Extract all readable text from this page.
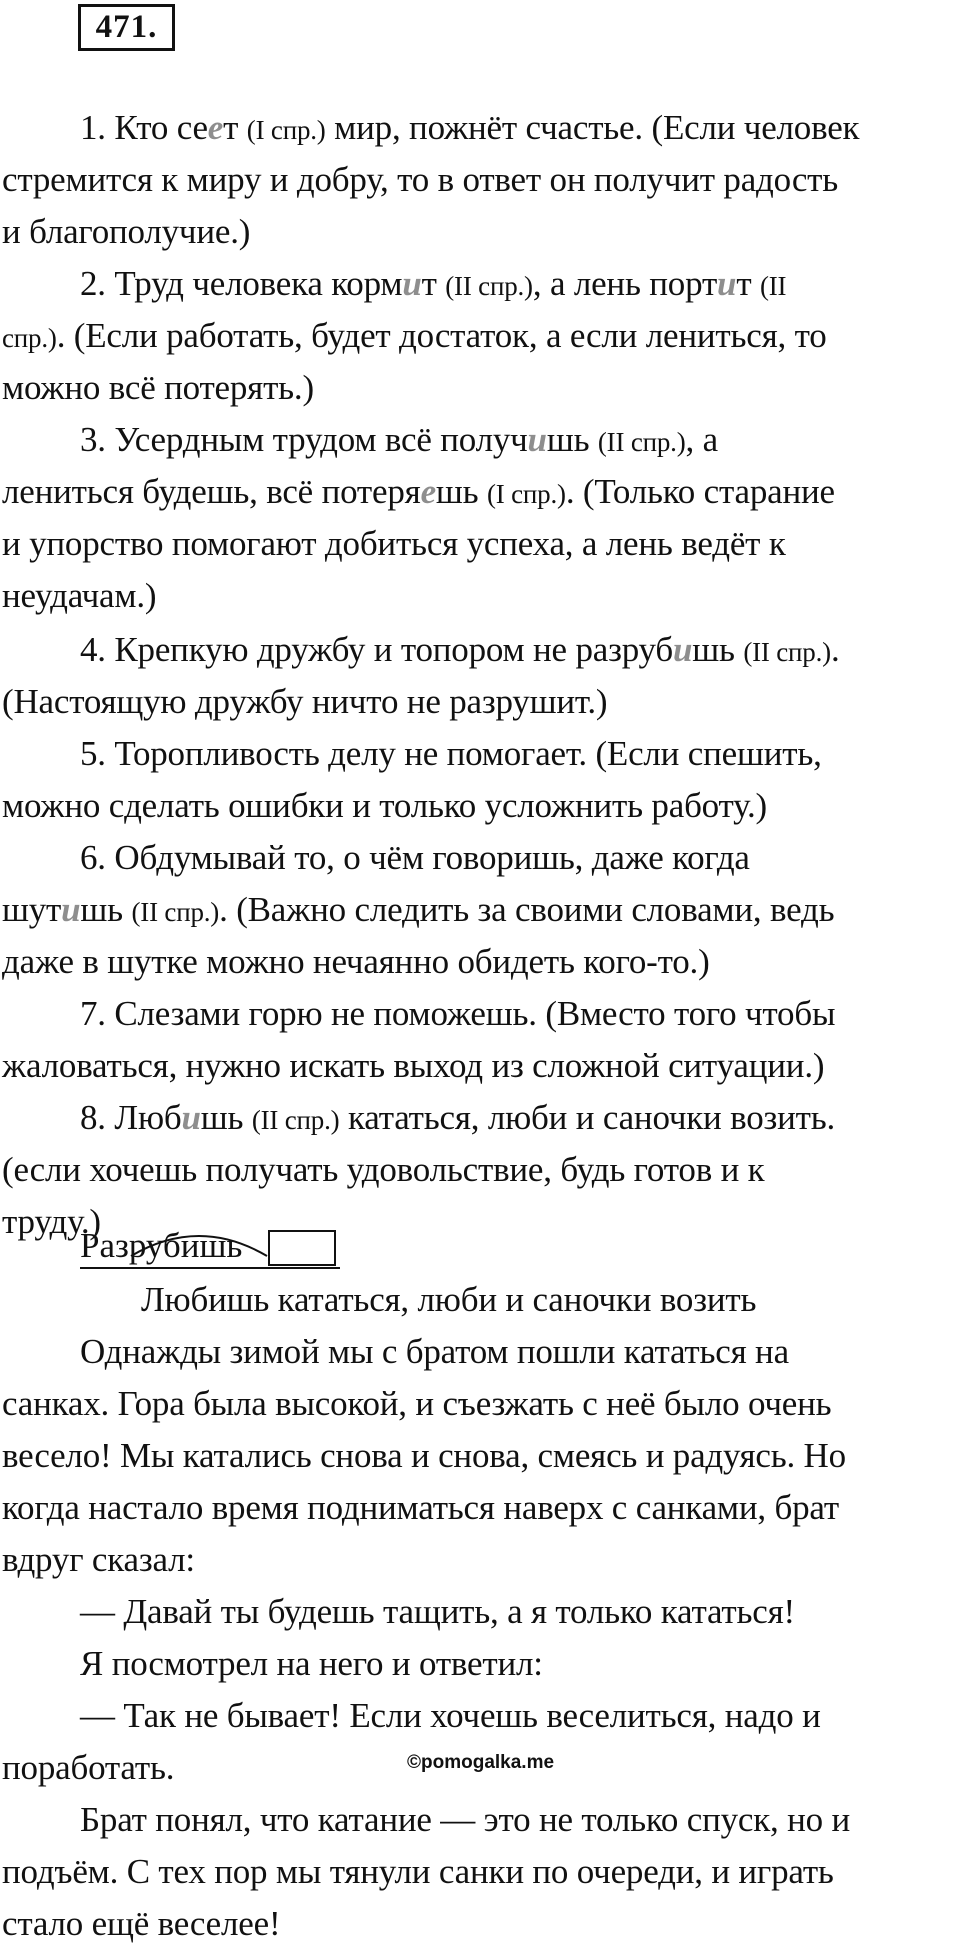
471.
1. Кто сеет (I спр.) мир, пожнёт счастье. (Если человек
стремится к миру и добру, то в ответ он получит радость
и благополучие.)
2. Труд человека кормит (II спр.), а лень портит (II
спр.). (Если работать, будет достаток, а если лениться, то
можно всё потерять.)
3. Усердным трудом всё получишь (II спр.), а
лениться будешь, всё потеряешь (I спр.). (Только старание
и упорство помогают добиться успеха, а лень ведёт к
неудачам.)
4. Крепкую дружбу и топором не разрубишь (II спр.).
(Настоящую дружбу ничто не разрушит.)
5. Торопливость делу не помогает. (Если спешить,
можно сделать ошибки и только усложнить работу.)
6. Обдумывай то, о чём говоришь, даже когда
шутишь (II спр.). (Важно следить за своими словами, ведь
даже в шутке можно нечаянно обидеть кого-то.)
7. Слезами горю не поможешь. (Вместо того чтобы
жаловаться, нужно искать выход из сложной ситуации.)
8. Любишь (II спр.) кататься, люби и саночки возить.
(если хочешь получать удовольствие, будь готов и к
труду.)
Разрубишь
Любишь кататься, люби и саночки возить
Однажды зимой мы с братом пошли кататься на
санках. Гора была высокой, и съезжать с неё было очень
весело! Мы катались снова и снова, смеясь и радуясь. Но
когда настало время подниматься наверх с санками, брат
вдруг сказал:
— Давай ты будешь тащить, а я только кататься!
Я посмотрел на него и ответил:
— Так не бывает! Если хочешь веселиться, надо и
поработать.
Брат понял, что катание — это не только спуск, но и
подъём. С тех пор мы тянули санки по очереди, и играть
стало ещё веселее!
©pomogalka.me
